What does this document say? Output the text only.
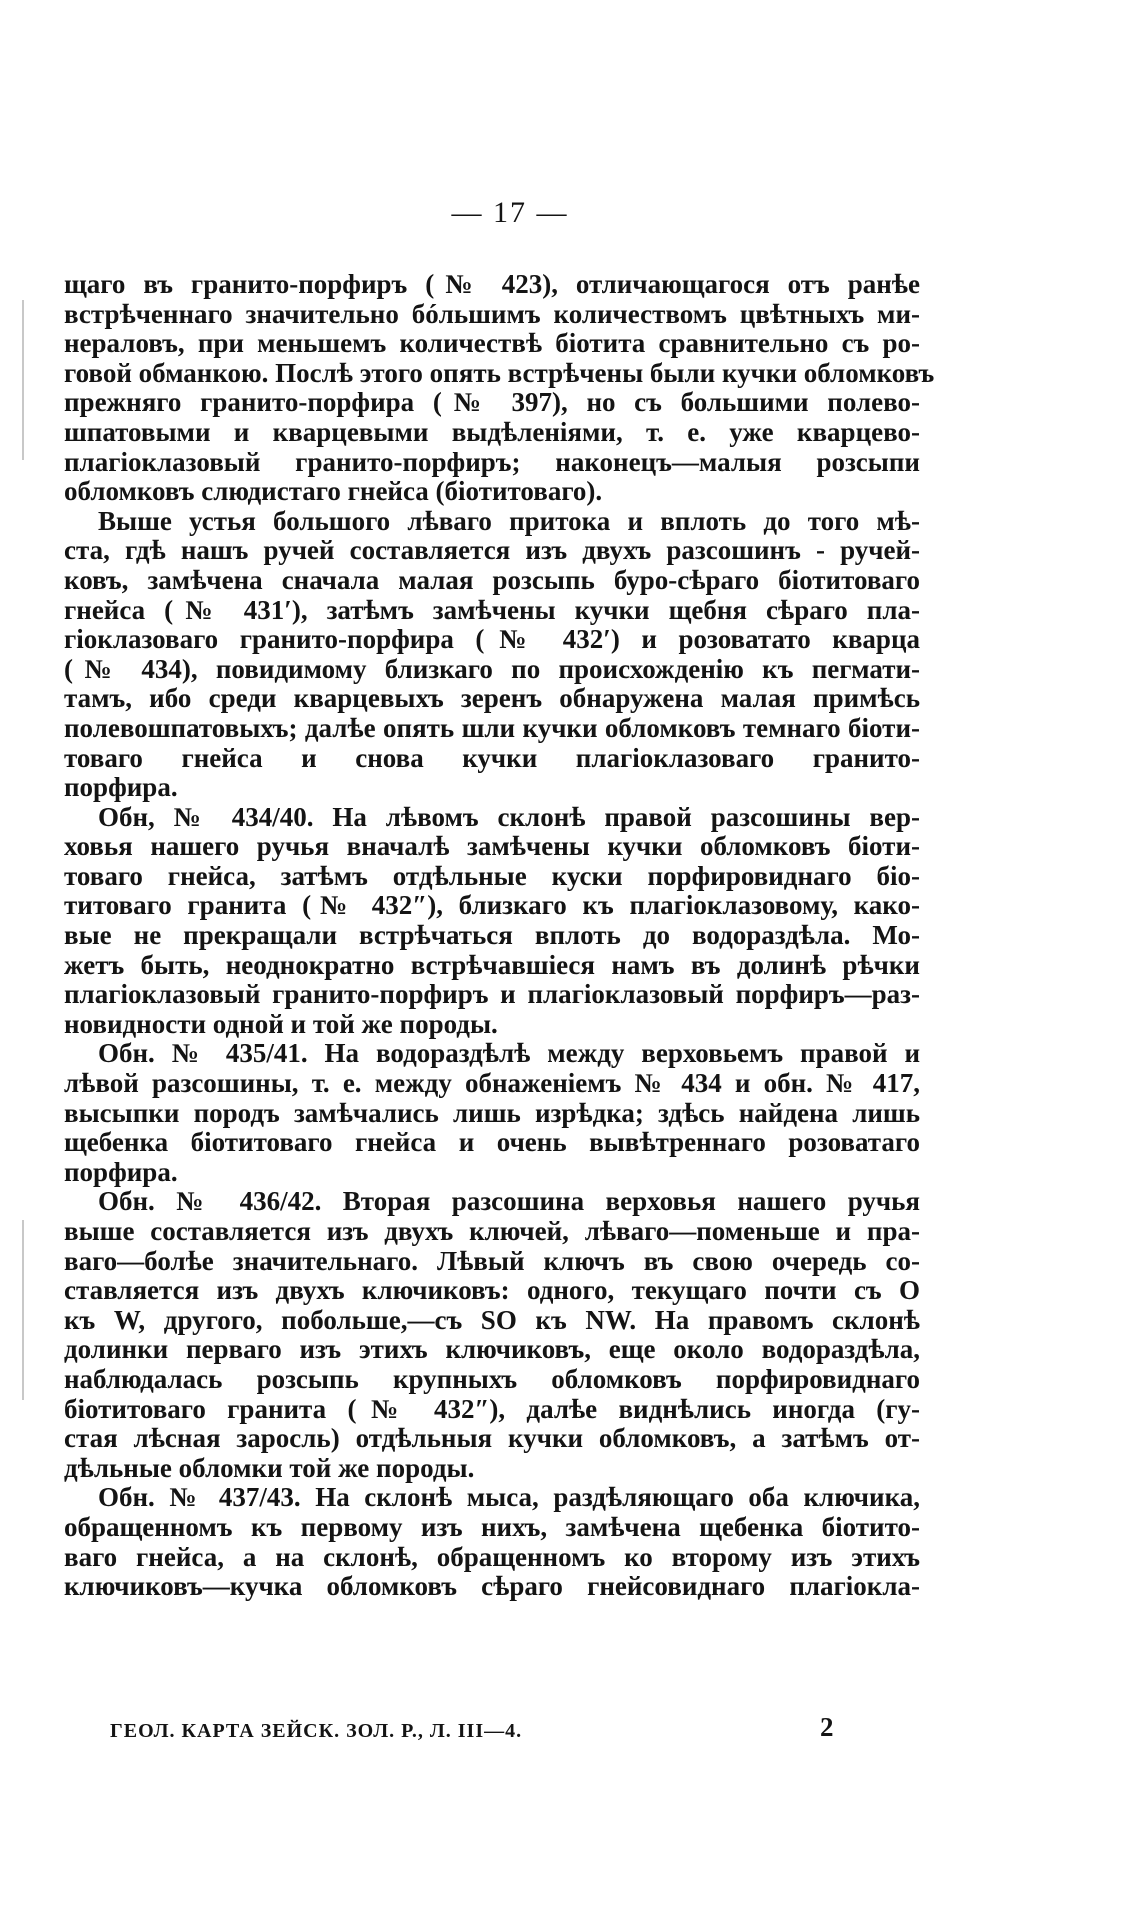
— 17 —
щаго въ гранито-порфиръ (№ 423), отличающагося отъ ранѣе
встрѣченнаго значительно бóльшимъ количествомъ цвѣтныхъ ми-
нераловъ, при меньшемъ количествѣ біотита сравнительно съ ро-
говой обманкою. Послѣ этого опять встрѣчены были кучки обломковъ
прежняго гранито-порфира (№ 397), но съ большими полево-
шпатовыми и кварцевыми выдѣленіями, т. е. уже кварцево-
плагіоклазовый гранито-порфиръ; наконецъ—малыя розсыпи
обломковъ слюдистаго гнейса (біотитоваго).
Выше устья большого лѣваго притока и вплоть до того мѣ-
ста, гдѣ нашъ ручей составляется изъ двухъ разсошинъ - ручей-
ковъ, замѣчена сначала малая розсыпь буро-сѣраго біотитоваго
гнейса (№ 431′), затѣмъ замѣчены кучки щебня сѣраго пла-
гіоклазоваго гранито-порфира (№ 432′) и розоватато кварца
(№ 434), повидимому близкаго по происхожденію къ пегмати-
тамъ, ибо среди кварцевыхъ зеренъ обнаружена малая примѣсь
полевошпатовыхъ; далѣе опять шли кучки обломковъ темнаго біоти-
товаго гнейса и снова кучки плагіоклазоваго гранито-
порфира.
Обн, № 434/40. На лѣвомъ склонѣ правой разсошины вер-
ховья нашего ручья вначалѣ замѣчены кучки обломковъ біоти-
товаго гнейса, затѣмъ отдѣльные куски порфировиднаго біо-
титоваго гранита (№ 432″), близкаго къ плагіоклазовому, како-
вые не прекращали встрѣчаться вплоть до водораздѣла. Мо-
жетъ быть, неоднократно встрѣчавшіеся намъ въ долинѣ рѣчки
плагіоклазовый гранито-порфиръ и плагіоклазовый порфиръ—раз-
новидности одной и той же породы.
Обн. № 435/41. На водораздѣлѣ между верховьемъ правой и
лѣвой разсошины, т. е. между обнаженіемъ № 434 и обн. № 417,
высыпки породъ замѣчались лишь изрѣдка; здѣсь найдена лишь
щебенка біотитоваго гнейса и очень вывѣтреннаго розоватаго
порфира.
Обн. № 436/42. Вторая разсошина верховья нашего ручья
выше составляется изъ двухъ ключей, лѣваго—поменьше и пра-
ваго—болѣе значительнаго. Лѣвый ключъ въ свою очередь со-
ставляется изъ двухъ ключиковъ: одного, текущаго почти съ О
къ W, другого, побольше,—съ SO къ NW. На правомъ склонѣ
долинки перваго изъ этихъ ключиковъ, еще около водораздѣла,
наблюдалась розсыпь крупныхъ обломковъ порфировиднаго
біотитоваго гранита (№ 432″), далѣе виднѣлись иногда (гу-
стая лѣсная заросль) отдѣльныя кучки обломковъ, а затѣмъ от-
дѣльные обломки той же породы.
Обн. № 437/43. На склонѣ мыса, раздѣляющаго оба ключика,
обращенномъ къ первому изъ нихъ, замѣчена щебенка біотито-
ваго гнейса, а на склонѣ, обращенномъ ко второму изъ этихъ
ключиковъ—кучка обломковъ сѣраго гнейсовиднаго плагіокла-
ГЕОЛ. КАРТА ЗЕЙСК. ЗОЛ. Р., Л. III—4.	2
